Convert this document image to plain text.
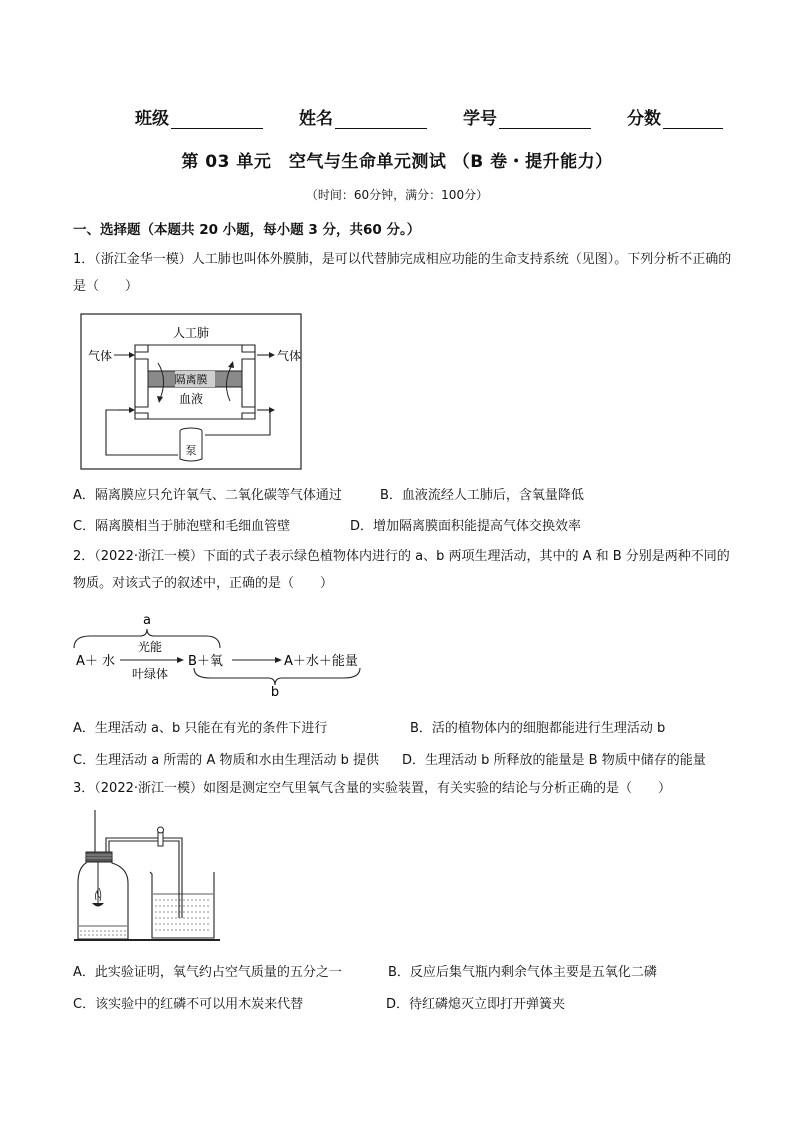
班级	姓名	学号	分数
第 03 单元　空气与生命单元测试 （B 卷・提升能力）
（时间：60分钟，满分：100分）
一、选择题（本题共 20 小题，每小题 3 分，共60 分。）
1．（浙江金华一模）人工肺也叫体外膜肺，是可以代替肺完成相应功能的生命支持系统（见图）。下列分析不正确的是（　　）
人工肺
隔离膜
血液
气体	气体
泵
A．隔离膜应只允许氧气、二氧化碳等气体通过	B．血液流经人工肺后，含氧量降低
C．隔离膜相当于肺泡壁和毛细血管壁	D．增加隔离膜面积能提高气体交换效率
2．（2022·浙江一模）下面的式子表示绿色植物体内进行的 a、b 两项生理活动，其中的 A 和 B 分别是两种不同的物质。对该式子的叙述中，正确的是（　　）
a
A＋ 水
光能
叶绿体
B＋氧	A＋水＋能量
b
A．生理活动 a、b 只能在有光的条件下进行	B．活的植物体内的细胞都能进行生理活动 b
C．生理活动 a 所需的 A 物质和水由生理活动 b 提供 D．生理活动 b 所释放的能量是 B 物质中储存的能量
3．（2022·浙江一模）如图是测定空气里氧气含量的实验装置，有关实验的结论与分析正确的是（　　）
A．此实验证明，氧气约占空气质量的五分之一	B．反应后集气瓶内剩余气体主要是五氧化二磷
C．该实验中的红磷不可以用木炭来代替	D．待红磷熄灭立即打开弹簧夹
